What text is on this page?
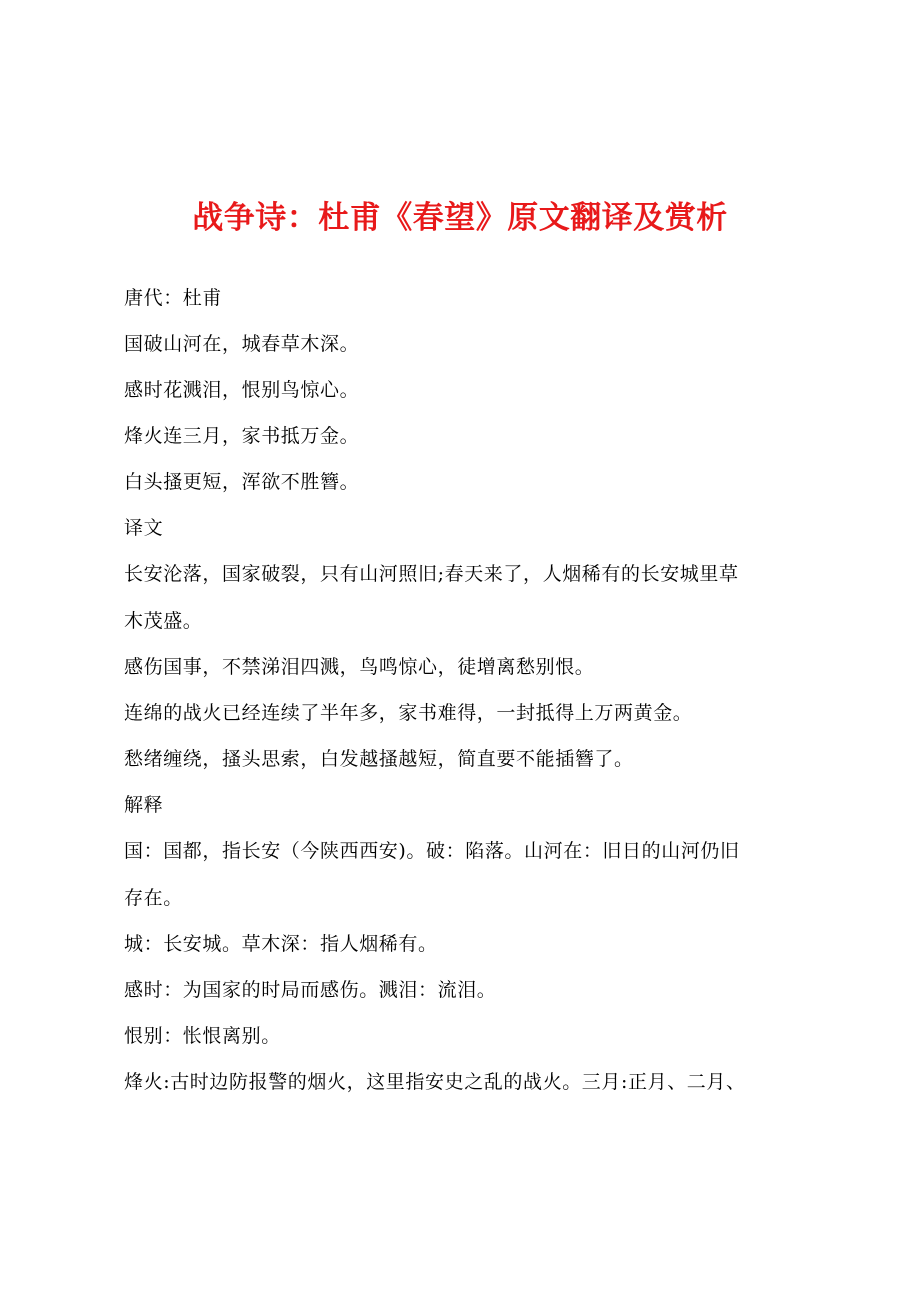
战争诗：杜甫《春望》原文翻译及赏析

唐代：杜甫

国破山河在，城春草木深。

感时花溅泪，恨别鸟惊心。

烽火连三月，家书抵万金。

白头搔更短，浑欲不胜簪。

译文

长安沦落，国家破裂，只有山河照旧;春天来了，人烟稀有的长安城里草
木茂盛。

感伤国事，不禁涕泪四溅，鸟鸣惊心，徒增离愁别恨。

连绵的战火已经连续了半年多，家书难得，一封抵得上万两黄金。

愁绪缠绕，搔头思索，白发越搔越短，简直要不能插簪了。

解释

国：国都，指长安（今陕西西安)。破：陷落。山河在：旧日的山河仍旧
存在。

城：长安城。草木深：指人烟稀有。

感时：为国家的时局而感伤。溅泪：流泪。

恨别：怅恨离别。

烽火:古时边防报警的烟火，这里指安史之乱的战火。三月:正月、二月、
